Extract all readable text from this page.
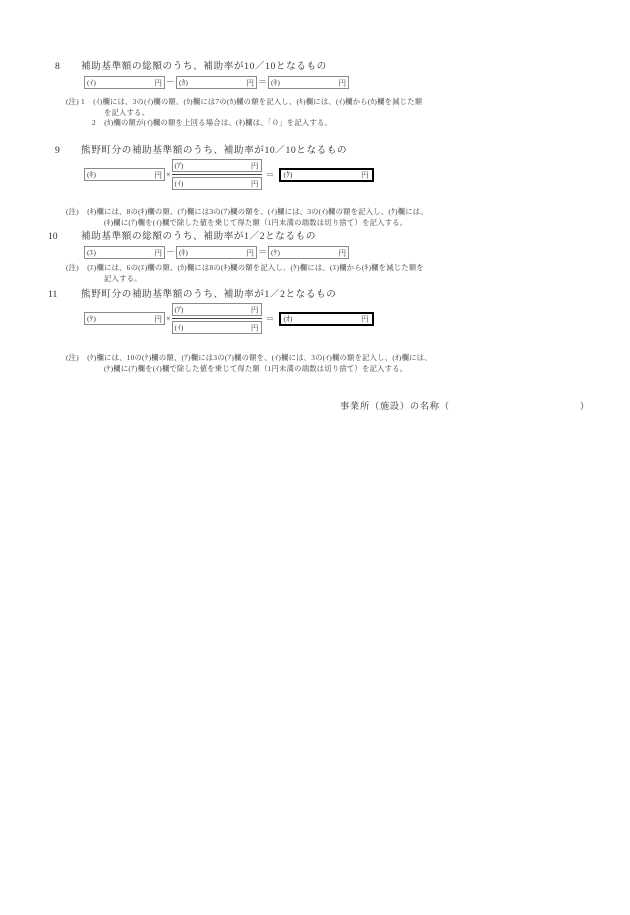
8 補助基準額の総額のうち、補助率が10／10となるもの
(ｲ)	円 － (ｶ)	円 ＝ (ｷ)	円
(注) 1 (ｲ)欄には、3の(ｲ)欄の額、(ｶ)欄には7の(ｶ)欄の額を記入し、(ｷ)欄には、(ｲ)欄から(ｶ)欄を減じた額
を記入する。
2 (ｶ)欄の額が(ｲ)欄の額を上回る場合は、(ｷ)欄は、「０」を記入する。
9 熊野町分の補助基準額のうち、補助率が10／10となるもの
(ｷ)	円 ×
(ｱ)	円
(ｲ)	円
＝	(ｸ)	円
(注) (ｷ)欄には、8の(ｷ)欄の額、(ｱ)欄には3の(ｱ)欄の額を、(ｲ)欄には、3の(ｲ)欄の額を記入し、(ｸ)欄には、
(ｷ)欄に(ｱ)欄を(ｲ)欄で除した値を乗じて得た額（1円未満の端数は切り捨て）を記入する。
10 補助基準額の総額のうち、補助率が1／2となるもの
(ｴ)	円 － (ｷ)	円 ＝ (ｹ)	円
(注) (ｴ)欄には、6の(ｴ)欄の額、(ｶ)欄には8の(ｷ)欄の額を記入し、(ｹ)欄には、(ｴ)欄から(ｷ)欄を減じた額を
記入する。
11 熊野町分の補助基準額のうち、補助率が1／2となるもの
(ｹ)	円 ×
(ｱ)	円
(ｲ)	円
＝	(ｵ)	円
(注) (ｹ)欄には、10の(ｹ)欄の額、(ｱ)欄には3の(ｱ)欄の額を、(ｲ)欄には、3の(ｲ)欄の額を記入し、(ｵ)欄には、
(ｹ)欄に(ｱ)欄を(ｲ)欄で除した値を乗じて得た額（1円未満の端数は切り捨て）を記入する。
事業所（施設）の名称（	）
